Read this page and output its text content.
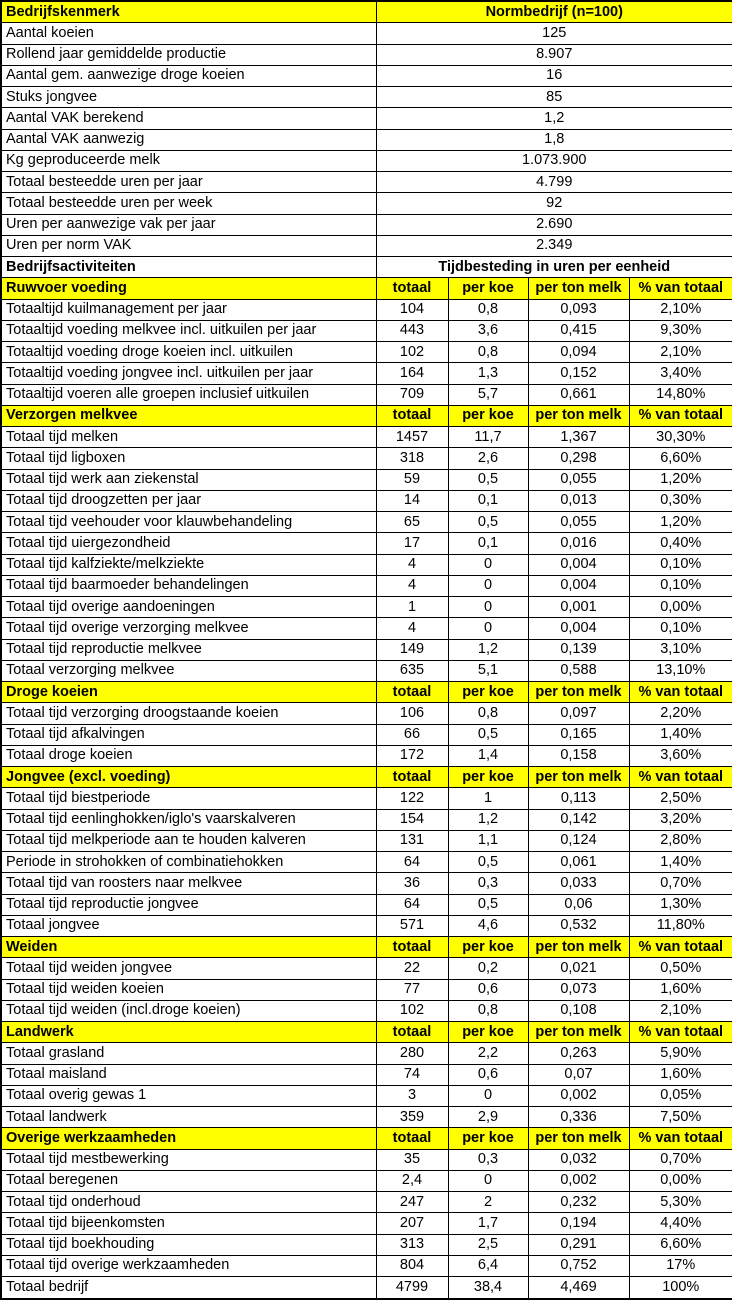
Bedrijfskenmerk	Normbedrijf (n=100)			
Aantal koeien	125			
Rollend jaar gemiddelde productie	8.907			
Aantal gem. aanwezige droge koeien	16			
Stuks jongvee	85			
Aantal VAK berekend	1,2			
Aantal VAK aanwezig	1,8			
Kg geproduceerde melk	1.073.900			
Totaal besteedde uren per jaar	4.799			
Totaal besteedde uren per week	92			
Uren per aanwezige vak per jaar	2.690			
Uren per norm VAK	2.349			
Bedrijfsactiviteiten	Tijdbesteding in uren per eenheid			
Ruwvoer voeding	totaal	per koe	per ton melk	% van totaal
Totaaltijd kuilmanagement per jaar	104	0,8	0,093	2,10%
Totaaltijd voeding melkvee incl. uitkuilen per jaar	443	3,6	0,415	9,30%
Totaaltijd voeding droge koeien incl. uitkuilen	102	0,8	0,094	2,10%
Totaaltijd voeding jongvee incl. uitkuilen per jaar	164	1,3	0,152	3,40%
Totaaltijd voeren alle groepen inclusief uitkuilen	709	5,7	0,661	14,80%
Verzorgen melkvee	totaal	per koe	per ton melk	% van totaal
Totaal tijd melken	1457	11,7	1,367	30,30%
Totaal tijd ligboxen	318	2,6	0,298	6,60%
Totaal tijd werk aan ziekenstal	59	0,5	0,055	1,20%
Totaal tijd droogzetten per jaar	14	0,1	0,013	0,30%
Totaal tijd veehouder voor klauwbehandeling	65	0,5	0,055	1,20%
Totaal tijd uiergezondheid	17	0,1	0,016	0,40%
Totaal tijd kalfziekte/melkziekte	4	0	0,004	0,10%
Totaal tijd baarmoeder behandelingen	4	0	0,004	0,10%
Totaal tijd overige aandoeningen	1	0	0,001	0,00%
Totaal tijd overige verzorging melkvee	4	0	0,004	0,10%
Totaal tijd reproductie melkvee	149	1,2	0,139	3,10%
Totaal verzorging melkvee	635	5,1	0,588	13,10%
Droge koeien	totaal	per koe	per ton melk	% van totaal
Totaal tijd verzorging droogstaande koeien	106	0,8	0,097	2,20%
Totaal tijd afkalvingen	66	0,5	0,165	1,40%
Totaal droge koeien	172	1,4	0,158	3,60%
Jongvee (excl. voeding)	totaal	per koe	per ton melk	% van totaal
Totaal tijd biestperiode	122	1	0,113	2,50%
Totaal tijd eenlinghokken/iglo's vaarskalveren	154	1,2	0,142	3,20%
Totaal tijd melkperiode aan te houden kalveren	131	1,1	0,124	2,80%
Periode in strohokken of combinatiehokken	64	0,5	0,061	1,40%
Totaal tijd van roosters naar melkvee	36	0,3	0,033	0,70%
Totaal tijd reproductie jongvee	64	0,5	0,06	1,30%
Totaal jongvee	571	4,6	0,532	11,80%
Weiden	totaal	per koe	per ton melk	% van totaal
Totaal tijd weiden jongvee	22	0,2	0,021	0,50%
Totaal tijd weiden koeien	77	0,6	0,073	1,60%
Totaal tijd weiden (incl.droge koeien)	102	0,8	0,108	2,10%
Landwerk	totaal	per koe	per ton melk	% van totaal
Totaal grasland	280	2,2	0,263	5,90%
Totaal maisland	74	0,6	0,07	1,60%
Totaal overig gewas 1	3	0	0,002	0,05%
Totaal landwerk	359	2,9	0,336	7,50%
Overige werkzaamheden	totaal	per koe	per ton melk	% van totaal
Totaal tijd mestbewerking	35	0,3	0,032	0,70%
Totaal beregenen	2,4	0	0,002	0,00%
Totaal tijd onderhoud	247	2	0,232	5,30%
Totaal tijd bijeenkomsten	207	1,7	0,194	4,40%
Totaal tijd boekhouding	313	2,5	0,291	6,60%
Totaal tijd overige werkzaamheden	804	6,4	0,752	17%
Totaal bedrijf	4799	38,4	4,469	100%
